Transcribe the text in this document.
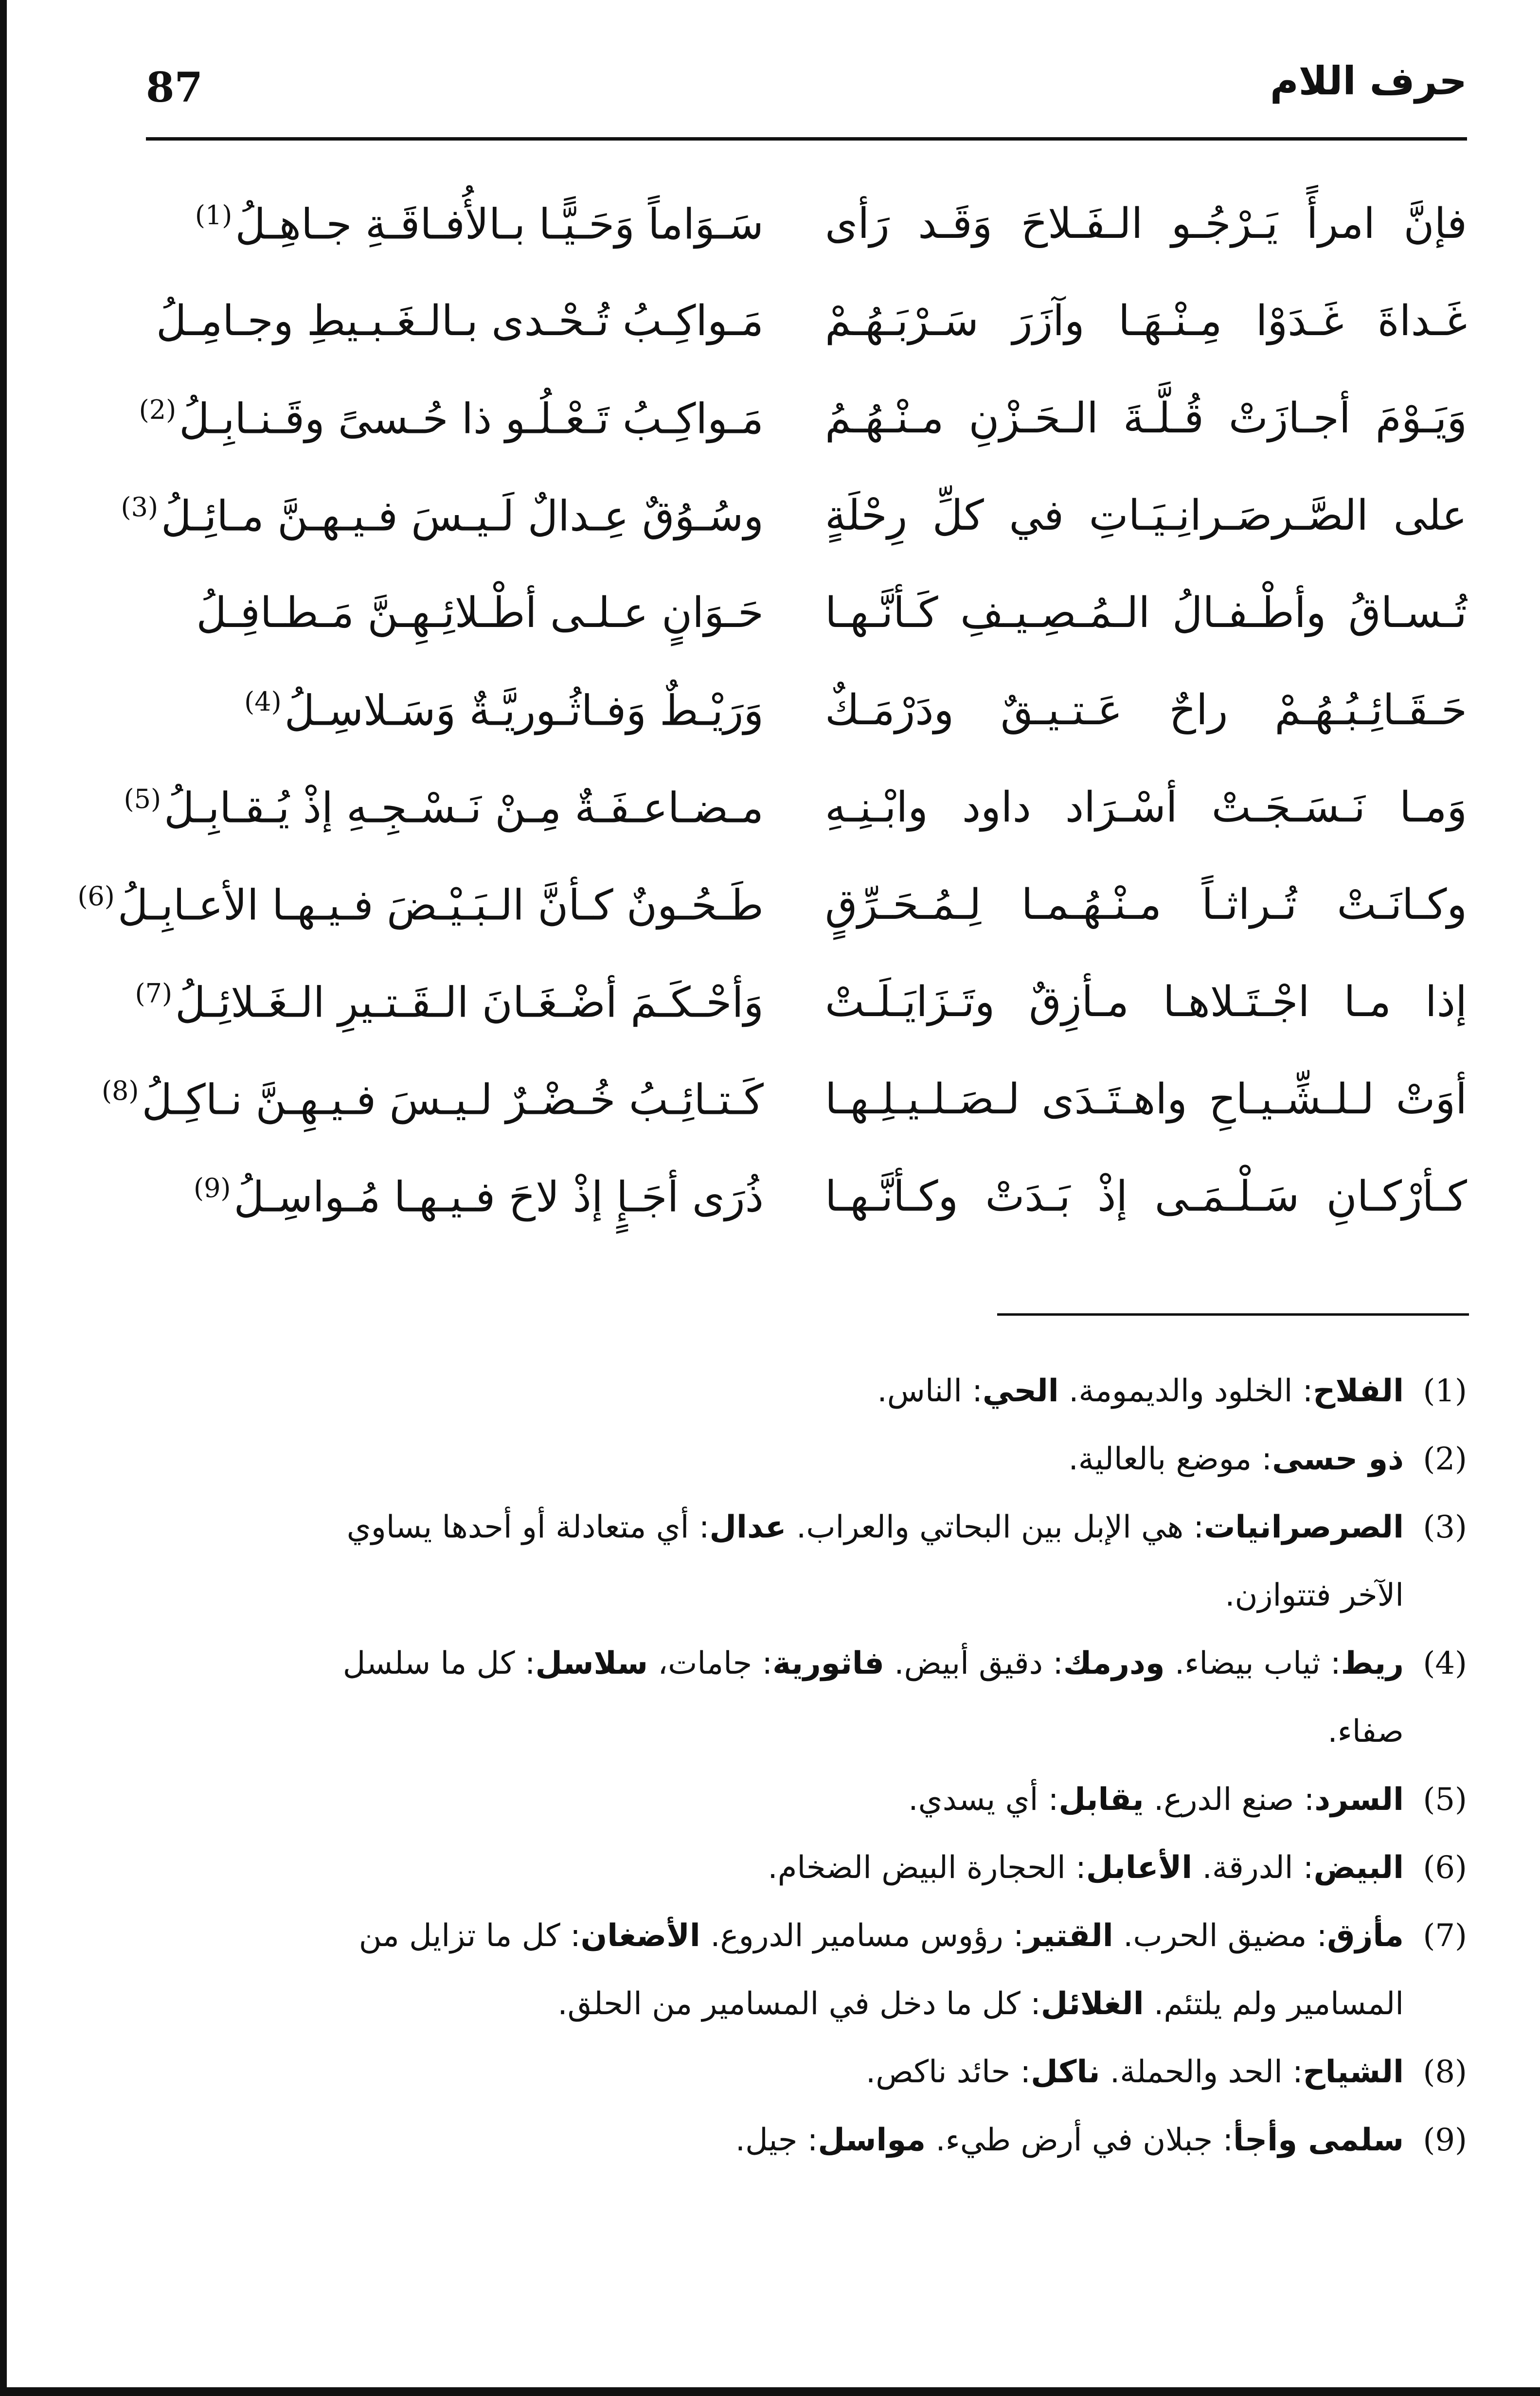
87	حرف اللام
فإنَّ امرأً يَـرْجُـو الـفَـلاحَ وَقَـد رَأى
سَـوَاماً وَحَـيًّـا بـالأُفـاقَـةِ جـاهِـلُ$^{(1)}$
غَـداةَ غَـدَوْا مِـنْـهَـا وآزَرَ سَـرْبَـهُـمْ
مَـواكِـبُ تُـحْـدى بـالـغَـبـيطِ وجـامِـلُ
وَيَـوْمَ أجـازَتْ قُـلَّـةَ الـحَـزْنِ مـنْـهُـمُ
مَـواكِـبُ تَـعْـلُـو ذا حُـسىً وقَـنـابِـلُ$^{(2)}$
على الصَّـرصَـرانِـيَـاتِ في كلِّ رِحْلَةٍ
وسُـوُقٌ عِـدالٌ لَـيـسَ فـيـهـنَّ مـائِـلُ$^{(3)}$
تُـسـاقُ وأطْـفـالُ الـمُـصِـيـفِ كَـأنَّـهـا
حَـوَانٍ عـلـى أطْـلائِـهِـنَّ مَـطـافِـلُ
حَـقَـائِـبُـهُـمْ راحٌ عَـتـيـقٌ ودَرْمَـكٌ
وَرَيْـطٌ وَفـاثُـوريَّـةٌ وَسَـلاسِـلُ$^{(4)}$
وَمـا نَـسَـجَـتْ أسْـرَاد داود وابْـنِـهِ
مـضـاعـفَـةٌ مِـنْ نَـسْـجِـهِ إذْ يُـقـابِـلُ$^{(5)}$
وكـانَـتْ تُـراثـاً مـنْـهُـمـا لِـمُـحَـرِّقٍ
طَـحُـونٌ كـأنَّ الـبَـيْـضَ فـيـهـا الأعـابِـلُ$^{(6)}$
إذا مـا اجْـتَـلاهـا مـأزِقٌ وتَـزَايَـلَـتْ
وَأحْـكَـمَ أضْـغَـانَ الـقَـتـيرِ الـغَـلائِـلُ$^{(7)}$
أوَتْ لـلـشِّـيـاحِ واهـتَـدَى لـصَـلـيـلِـهـا
كَـتـائِـبُ خُـضْـرٌ لـيـسَ فـيـهِـنَّ نـاكِـلُ$^{(8)}$
كـأرْكـانِ سَـلْـمَـى إذْ بَـدَتْ وكـأنَّـهـا
ذُرَى أجَـإٍ إذْ لاحَ فـيـهـا مُـواسِـلُ$^{(9)}$
(1)
الفلاح: الخلود والديمومة. الحي: الناس.
(2)
ذو حسى: موضع بالعالية.
(3)
الصرصرانيات: هي الإبل بين البحاتي والعراب. عدال: أي متعادلة أو أحدها يساوي
الآخر فتتوازن.
(4)
ريط: ثياب بيضاء. ودرمك: دقيق أبيض. فاثورية: جامات، سلاسل: كل ما سلسل
صفاء.
(5)
السرد: صنع الدرع. يقابل: أي يسدي.
(6)
البيض: الدرقة. الأعابل: الحجارة البيض الضخام.
(7)
مأزق: مضيق الحرب. القتير: رؤوس مسامير الدروع. الأضغان: كل ما تزايل من
المسامير ولم يلتئم. الغلائل: كل ما دخل في المسامير من الحلق.
(8)
الشياح: الحد والحملة. ناكل: حائد ناكص.
(9)
سلمى وأجأ: جبلان في أرض طيء. مواسل: جيل.
